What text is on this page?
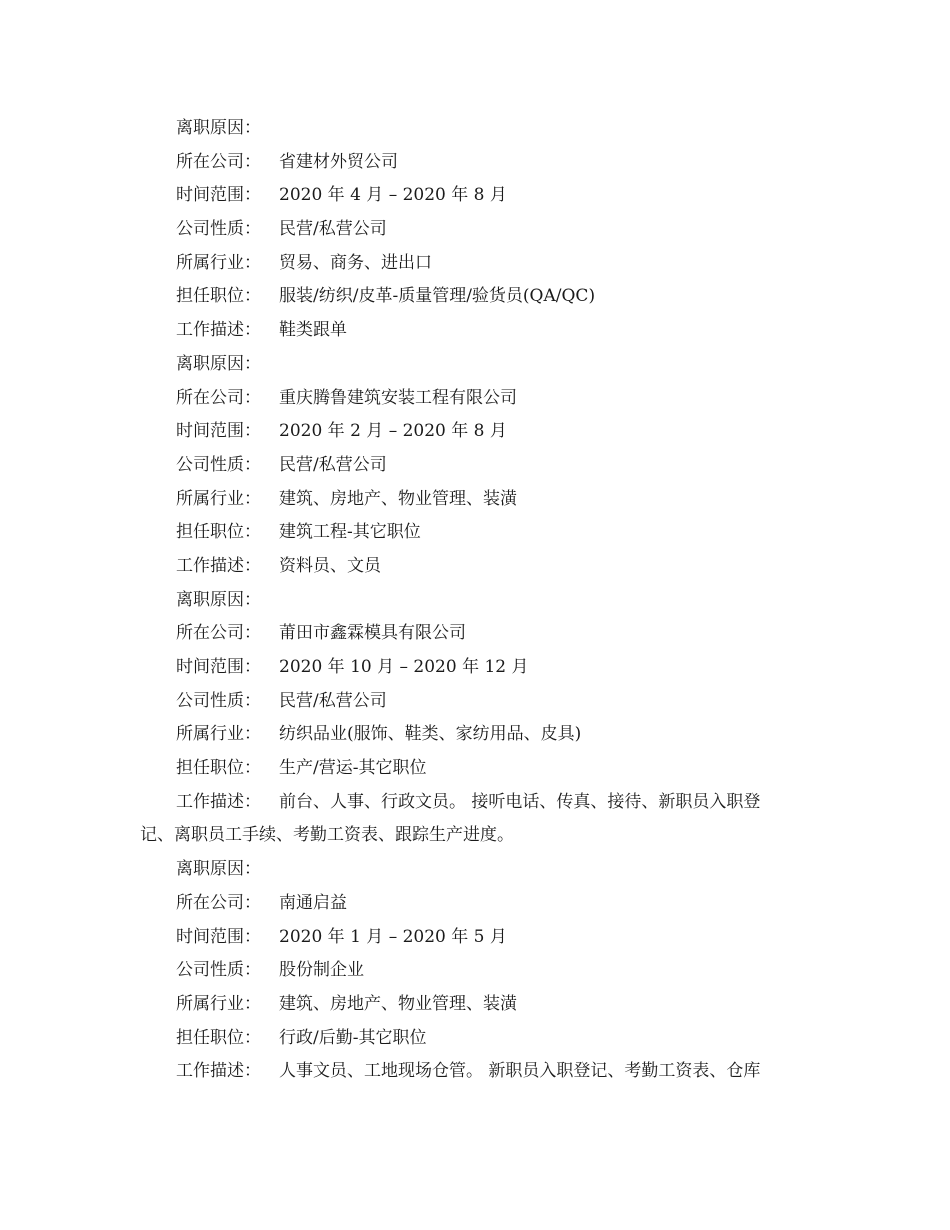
离职原因：
所在公司： 省建材外贸公司
时间范围： 2020 年 4 月 – 2020 年 8 月
公司性质： 民营/私营公司
所属行业： 贸易、商务、进出口
担任职位： 服装/纺织/皮革-质量管理/验货员(QA/QC)
工作描述： 鞋类跟单
离职原因：
所在公司： 重庆腾鲁建筑安装工程有限公司
时间范围： 2020 年 2 月 – 2020 年 8 月
公司性质： 民营/私营公司
所属行业： 建筑、房地产、物业管理、装潢
担任职位： 建筑工程-其它职位
工作描述： 资料员、文员
离职原因：
所在公司： 莆田市鑫霖模具有限公司
时间范围： 2020 年 10 月 – 2020 年 12 月
公司性质： 民营/私营公司
所属行业： 纺织品业(服饰、鞋类、家纺用品、皮具)
担任职位： 生产/营运-其它职位
工作描述： 前台、人事、行政文员。 接听电话、传真、接待、新职员入职登
记、离职员工手续、考勤工资表、跟踪生产进度。
离职原因：
所在公司： 南通启益
时间范围： 2020 年 1 月 – 2020 年 5 月
公司性质： 股份制企业
所属行业： 建筑、房地产、物业管理、装潢
担任职位： 行政/后勤-其它职位
工作描述： 人事文员、工地现场仓管。 新职员入职登记、考勤工资表、仓库
